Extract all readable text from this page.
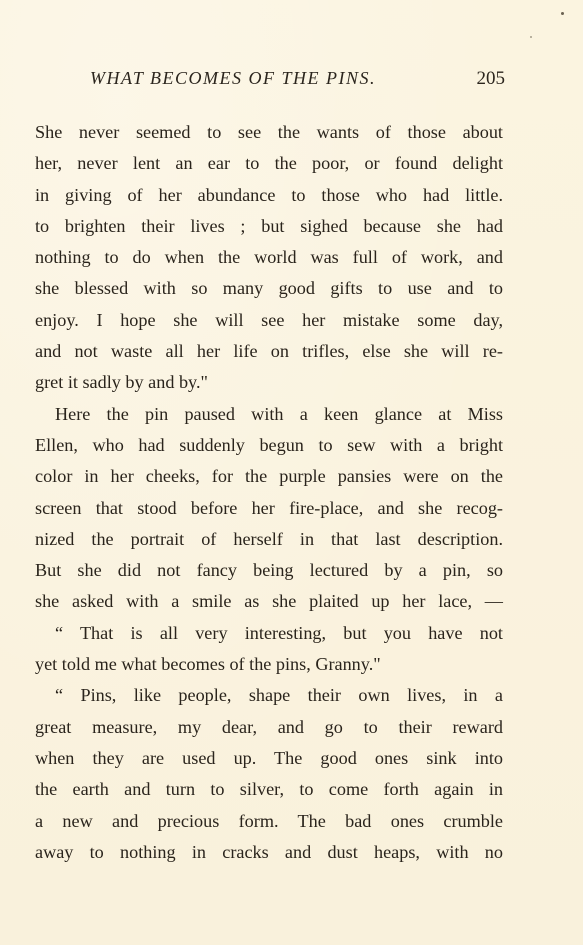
WHAT BECOMES OF THE PINS.	205
She never seemed to see the wants of those about
her, never lent an ear to the poor, or found delight
in giving of her abundance to those who had little.
to brighten their lives ; but sighed because she had
nothing to do when the world was full of work, and
she blessed with so many good gifts to use and to
enjoy. I hope she will see her mistake some day,
and not waste all her life on trifles, else she will re-
gret it sadly by and by."
Here the pin paused with a keen glance at Miss
Ellen, who had suddenly begun to sew with a bright
color in her cheeks, for the purple pansies were on the
screen that stood before her fire-place, and she recog-
nized the portrait of herself in that last description.
But she did not fancy being lectured by a pin, so
she asked with a smile as she plaited up her lace, —
“ That is all very interesting, but you have not
yet told me what becomes of the pins, Granny."
“ Pins, like people, shape their own lives, in a
great measure, my dear, and go to their reward
when they are used up. The good ones sink into
the earth and turn to silver, to come forth again in
a new and precious form. The bad ones crumble
away to nothing in cracks and dust heaps, with no
